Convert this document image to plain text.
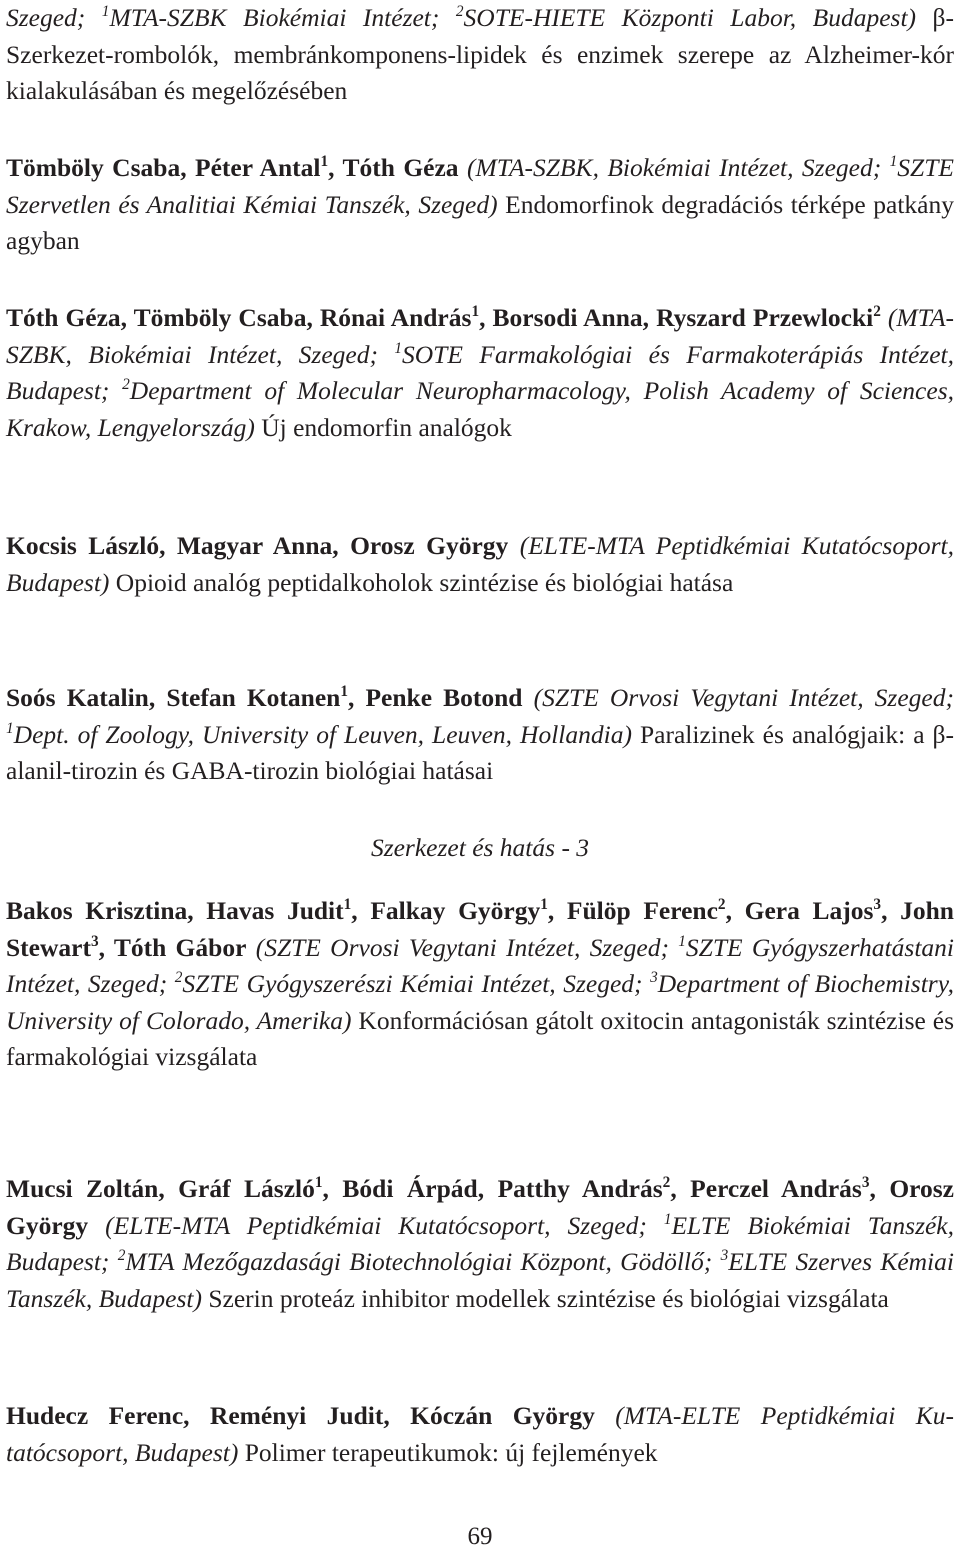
Szeged; $^1$MTA-SZBK Biokémiai Intézet; $^2$SOTE-HIETE Központi Labor, Budapest) β-Szerkezet-rombolók, membránkomponens-lipidek és enzimek szerepe az Alzheimer-kór kialakulásában és megelőzésében

Tömböly Csaba, Péter Antal$^1$, Tóth Géza (MTA-SZBK, Biokémiai Intézet, Szeged; $^1$SZTE Szervetlen és Analitiai Kémiai Tanszék, Szeged) Endomorfinok degradációs térképe patkány agyban

Tóth Géza, Tömböly Csaba, Rónai András$^1$, Borsodi Anna, Ryszard Przewlocki$^2$ (MTA-SZBK, Biokémiai Intézet, Szeged; $^1$SOTE Farmakológiai és Farmakoterápiás Intézet, Budapest; $^2$Department of Molecular Neuropharmacology, Polish Academy of Sciences, Krakow, Lengyelország) Új endomorfin analógok

Kocsis László, Magyar Anna, Orosz György (ELTE-MTA Peptidkémiai Kutatócsoport, Budapest) Opioid analóg peptidalkoholok szintézise és biológiai hatása

Soós Katalin, Stefan Kotanen$^1$, Penke Botond (SZTE Orvosi Vegytani Intézet, Szeged; $^1$Dept. of Zoology, University of Leuven, Leuven, Hollandia) Paralizinek és analógjaik: a β-alanil-tirozin és GABA-tirozin biológiai hatásai

Szerkezet és hatás - 3

Bakos Krisztina, Havas Judit$^1$, Falkay György$^1$, Fülöp Ferenc$^2$, Gera Lajos$^3$, John Stewart$^3$, Tóth Gábor (SZTE Orvosi Vegytani Intézet, Szeged; $^1$SZTE Gyógyszerhatástani Intézet, Szeged; $^2$SZTE Gyógyszerészi Kémiai Intézet, Szeged; $^3$Department of Biochemistry, University of Colorado, Amerika) Konformációsan gátolt oxitocin antagonisták szintézise és farmakológiai vizsgálata

Mucsi Zoltán, Gráf László$^1$, Bódi Árpád, Patthy András$^2$, Perczel András$^3$, Orosz György (ELTE-MTA Peptidkémiai Kutatócsoport, Szeged; $^1$ELTE Biokémiai Tanszék, Budapest; $^2$MTA Mezőgazdasági Biotechnológiai Központ, Gödöllő; $^3$ELTE Szerves Kémiai Tanszék, Budapest) Szerin proteáz inhibitor modellek szintézise és biológiai vizsgálata

Hudecz Ferenc, Reményi Judit, Kóczán György (MTA-ELTE Peptidkémiai Kutatócsoport, Budapest) Polimer terapeutikumok: új fejlemények

69
